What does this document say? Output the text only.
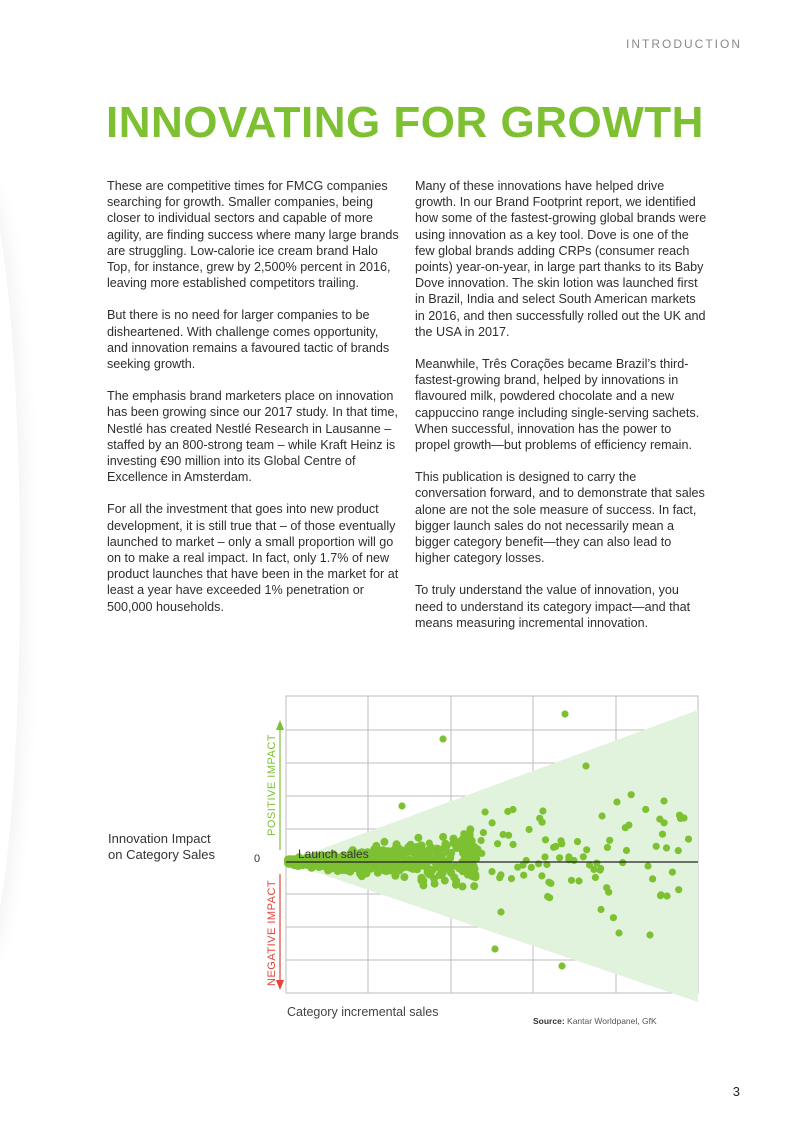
INTRODUCTION
INNOVATING FOR GROWTH

These are competitive times for FMCG companies searching for growth. Smaller companies, being closer to individual sectors and capable of more agility, are finding success where many large brands are struggling. Low-calorie ice cream brand Halo Top, for instance, grew by 2,500% percent in 2016, leaving more established competitors trailing.

But there is no need for larger companies to be disheartened. With challenge comes opportunity, and innovation remains a favoured tactic of brands seeking growth.

The emphasis brand marketers place on innovation has been growing since our 2017 study. In that time, Nestlé has created Nestlé Research in Lausanne – staffed by an 800-strong team – while Kraft Heinz is investing €90 million into its Global Centre of Excellence in Amsterdam.

For all the investment that goes into new product development, it is still true that – of those eventually launched to market – only a small proportion will go on to make a real impact. In fact, only 1.7% of new product launches that have been in the market for at least a year have exceeded 1% penetration or 500,000 households.

Many of these innovations have helped drive growth. In our Brand Footprint report, we identified how some of the fastest-growing global brands were using innovation as a key tool. Dove is one of the few global brands adding CRPs (consumer reach points) year-on-year, in large part thanks to its Baby Dove innovation. The skin lotion was launched first in Brazil, India and select South American markets in 2016, and then successfully rolled out the UK and the USA in 2017.

Meanwhile, Três Corações became Brazil’s third-fastest-growing brand, helped by innovations in flavoured milk, powdered chocolate and a new cappuccino range including single-serving sachets. When successful, innovation has the power to propel growth—but problems of efficiency remain.

This publication is designed to carry the conversation forward, and to demonstrate that sales alone are not the sole measure of success. In fact, bigger launch sales do not necessarily mean a bigger category benefit—they can also lead to higher category losses.

To truly understand the value of innovation, you need to understand its category impact—and that means measuring incremental innovation.

Innovation Impact
on Category Sales	0	Launch sales
POSITIVE IMPACT
NEGATIVE IMPACT
Category incremental sales
Source: Kantar Worldpanel, GfK
3
